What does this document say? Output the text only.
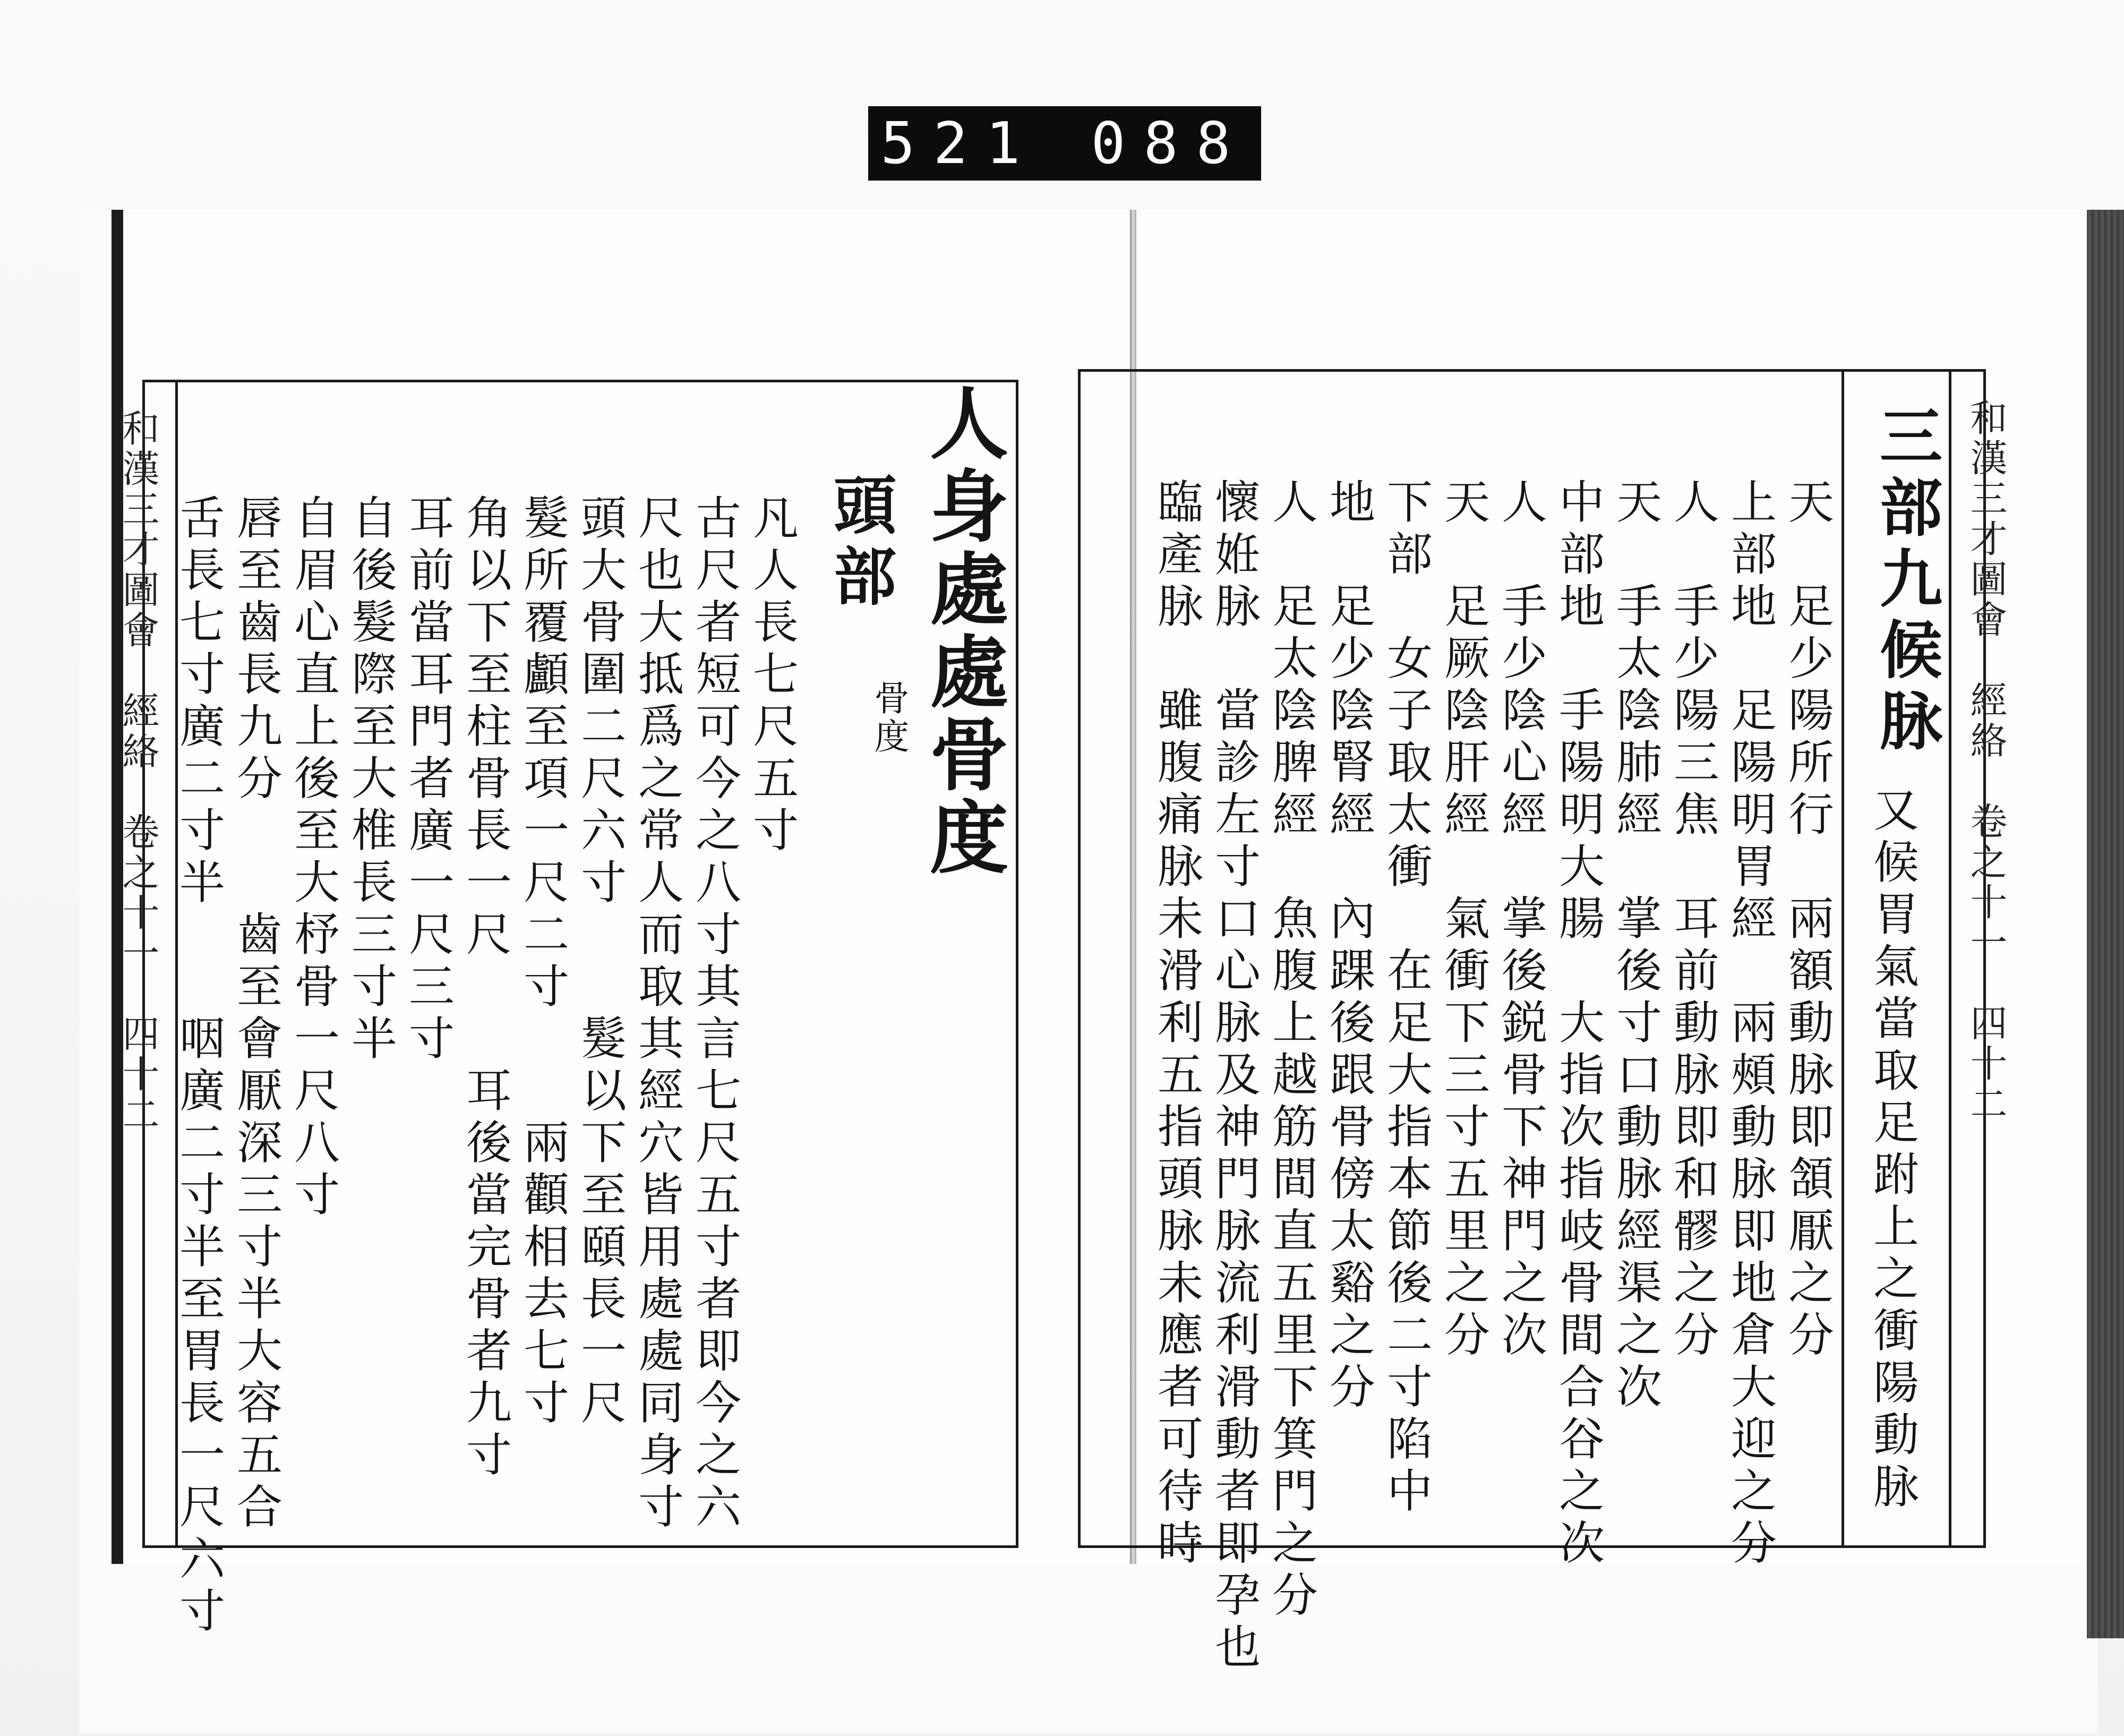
521 088
和漢三才圖會　經絡　卷之十一　四十二	人身處處骨度
頭部
骨度
凡人長七尺五寸
古尺者短可今之八寸其言七尺五寸者即今之六
尺也大抵爲之常人而取其經穴皆用處處同身寸
頭大骨圍二尺六寸　　髮以下至頤長一尺
髮所覆顱至項一尺二寸　　兩顴相去七寸
角以下至柱骨長一尺　　耳後當完骨者九寸
耳前當耳門者廣一尺三寸
自後髮際至大椎長三寸半
自眉心直上後至大杼骨一尺八寸
唇至齒長九分　　齒至會厭深三寸半大容五合
舌長七寸廣二寸半　　咽廣二寸半至胃長一尺六寸	和漢三才圖會　經絡　卷之十一　四十二
三部九候脉
又候胃氣當取足跗上之衝陽動脉
天　足少陽所行　兩額動脉即頷厭之分
上部地　足陽明胃經　兩頰動脉即地倉大迎之分
人　手少陽三焦　耳前動脉即和髎之分
天　手太陰肺經　掌後寸口動脉經渠之次
中部地　手陽明大腸　大指次指岐骨間合谷之次
人　手少陰心經　掌後鋭骨下神門之次
天　足厥陰肝經　氣衝下三寸五里之分
下部　女子取太衝　在足大指本節後二寸陷中
地　足少陰腎經　內踝後跟骨傍太谿之分
人　足太陰脾經　魚腹上越筋間直五里下箕門之分
懷姙脉　當診左寸口心脉及神門脉流利滑動者即孕也
臨產脉　雖腹痛脉未滑利五指頭脉未應者可待時
